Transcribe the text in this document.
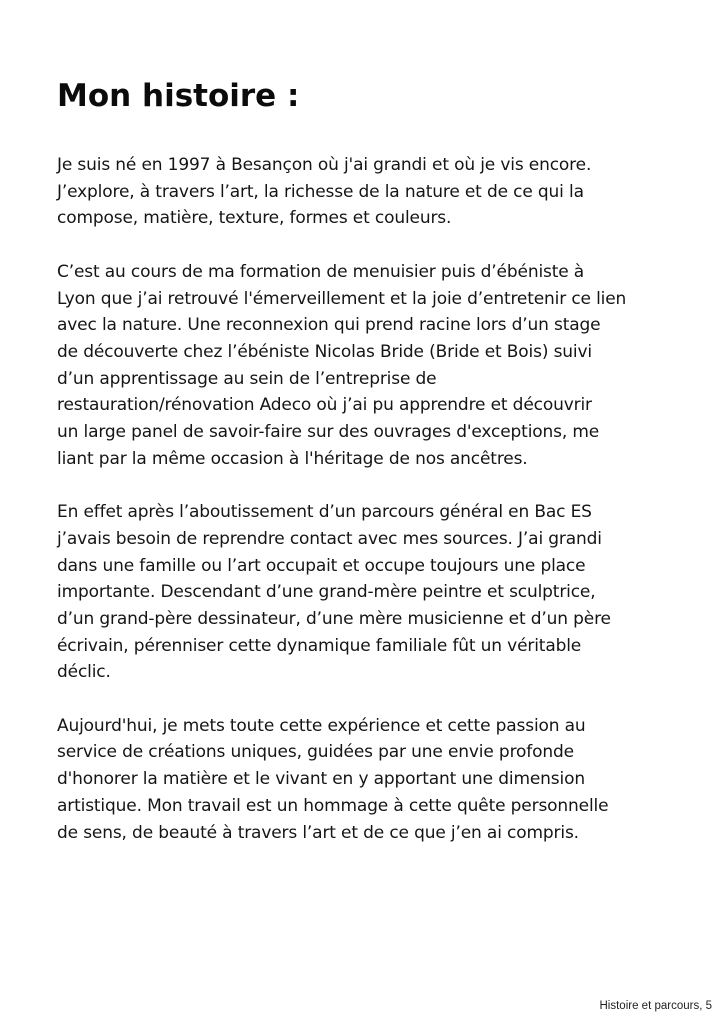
Mon histoire :

Je suis né en 1997 à Besançon où j'ai grandi et où je vis encore.
J’explore, à travers l’art, la richesse de la nature et de ce qui la
compose, matière, texture, formes et couleurs.

C’est au cours de ma formation de menuisier puis d’ébéniste à
Lyon que j’ai retrouvé l'émerveillement et la joie d’entretenir ce lien
avec la nature. Une reconnexion qui prend racine lors d’un stage
de découverte chez l’ébéniste Nicolas Bride (Bride et Bois) suivi
d’un apprentissage au sein de l’entreprise de
restauration/rénovation Adeco où j’ai pu apprendre et découvrir
un large panel de savoir-faire sur des ouvrages d'exceptions, me
liant par la même occasion à l'héritage de nos ancêtres.

En effet après l’aboutissement d’un parcours général en Bac ES
j’avais besoin de reprendre contact avec mes sources. J’ai grandi
dans une famille ou l’art occupait et occupe toujours une place
importante. Descendant d’une grand-mère peintre et sculptrice,
d’un grand-père dessinateur, d’une mère musicienne et d’un père
écrivain, pérenniser cette dynamique familiale fût un véritable
déclic.

Aujourd'hui, je mets toute cette expérience et cette passion au
service de créations uniques, guidées par une envie profonde
d'honorer la matière et le vivant en y apportant une dimension
artistique. Mon travail est un hommage à cette quête personnelle
de sens, de beauté à travers l’art et de ce que j’en ai compris.

Histoire et parcours, 5
